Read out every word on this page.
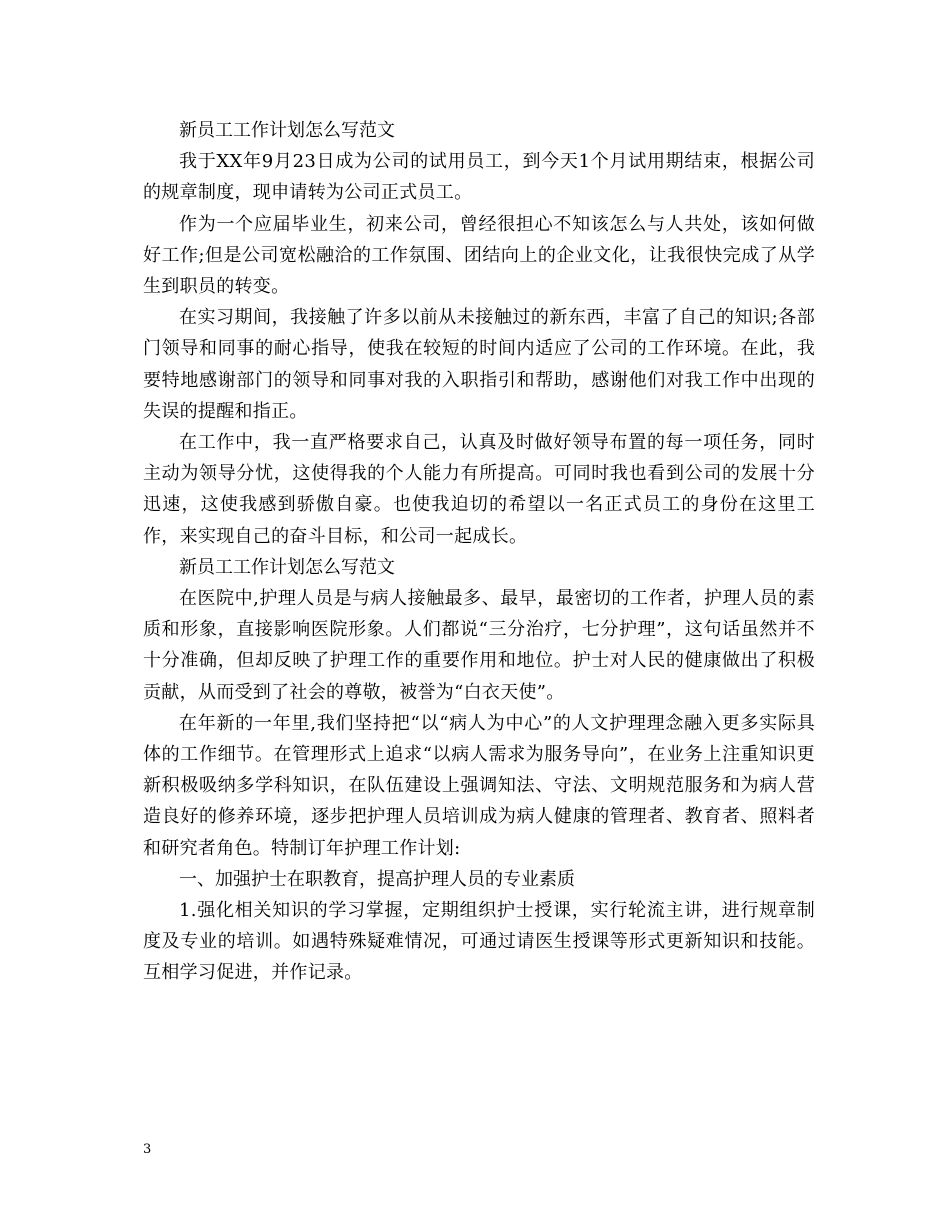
新员工工作计划怎么写范文

我于XX年9月23日成为公司的试用员工，到今天1个月试用期结束，根据公司的规章制度，现申请转为公司正式员工。

作为一个应届毕业生，初来公司，曾经很担心不知该怎么与人共处，该如何做好工作;但是公司宽松融洽的工作氛围、团结向上的企业文化，让我很快完成了从学生到职员的转变。

在实习期间，我接触了许多以前从未接触过的新东西，丰富了自己的知识;各部门领导和同事的耐心指导，使我在较短的时间内适应了公司的工作环境。在此，我要特地感谢部门的领导和同事对我的入职指引和帮助，感谢他们对我工作中出现的失误的提醒和指正。

在工作中，我一直严格要求自己，认真及时做好领导布置的每一项任务，同时主动为领导分忧，这使得我的个人能力有所提高。可同时我也看到公司的发展十分迅速，这使我感到骄傲自豪。也使我迫切的希望以一名正式员工的身份在这里工作，来实现自己的奋斗目标，和公司一起成长。

新员工工作计划怎么写范文

在医院中,护理人员是与病人接触最多、最早，最密切的工作者，护理人员的素质和形象，直接影响医院形象。人们都说“三分治疗，七分护理”，这句话虽然并不十分准确，但却反映了护理工作的重要作用和地位。护士对人民的健康做出了积极贡献，从而受到了社会的尊敬，被誉为“白衣天使”。

在年新的一年里,我们坚持把“以“病人为中心”的人文护理理念融入更多实际具体的工作细节。在管理形式上追求“以病人需求为服务导向”，在业务上注重知识更新积极吸纳多学科知识，在队伍建设上强调知法、守法、文明规范服务和为病人营造良好的修养环境，逐步把护理人员培训成为病人健康的管理者、教育者、照料者和研究者角色。特制订年护理工作计划:

一、加强护士在职教育，提高护理人员的专业素质

1.强化相关知识的学习掌握，定期组织护士授课，实行轮流主讲，进行规章制度及专业的培训。如遇特殊疑难情况，可通过请医生授课等形式更新知识和技能。互相学习促进，并作记录。

3
